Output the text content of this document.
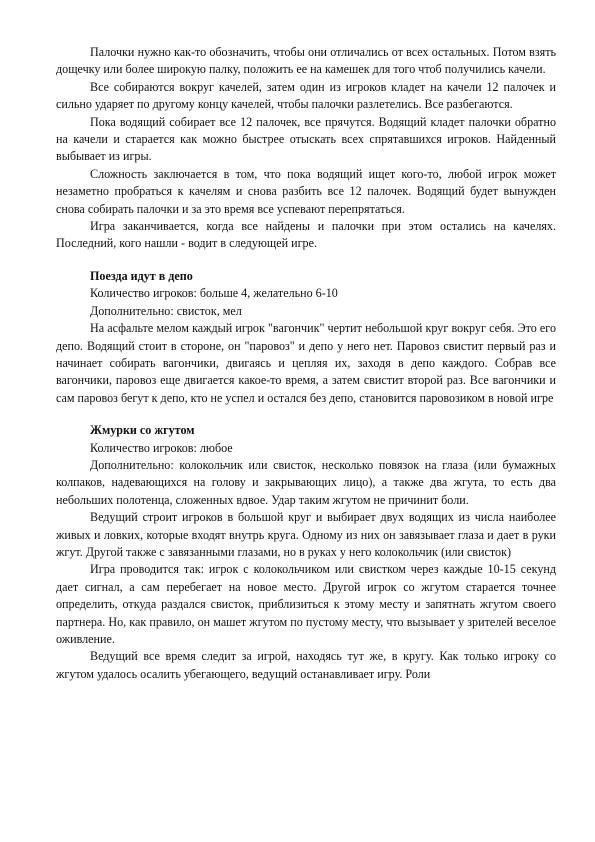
Палочки нужно как-то обозначить, чтобы они отличались от всех остальных. Потом взять дощечку или более широкую палку, положить ее на камешек для того чтоб получились качели.

Все собираются вокруг качелей, затем один из игроков кладет на качели 12 палочек и сильно ударяет по другому концу качелей, чтобы палочки разлетелись. Все разбегаются.

Пока водящий собирает все 12 палочек, все прячутся. Водящий кладет палочки обратно на качели и старается как можно быстрее отыскать всех спрятавшихся игроков. Найденный выбывает из игры.

Сложность заключается в том, что пока водящий ищет кого-то, любой игрок может незаметно пробраться к качелям и снова разбить все 12 палочек. Водящий будет вынужден снова собирать палочки и за это время все успевают перепрятаться.

Игра заканчивается, когда все найдены и палочки при этом остались на качелях. Последний, кого нашли - водит в следующей игре.

Поезда идут в депо

Количество игроков: больше 4, желательно 6-10

Дополнительно: свисток, мел

На асфальте мелом каждый игрок "вагончик" чертит небольшой круг вокруг себя. Это его депо. Водящий стоит в стороне, он "паровоз" и депо у него нет. Паровоз свистит первый раз и начинает собирать вагончики, двигаясь и цепляя их, заходя в депо каждого. Собрав все вагончики, паровоз еще двигается какое-то время, а затем свистит второй раз. Все вагончики и сам паровоз бегут к депо, кто не успел и остался без депо, становится паровозиком в новой игре

Жмурки со жгутом

Количество игроков: любое

Дополнительно: колокольчик или свисток, несколько повязок на глаза (или бумажных колпаков, надевающихся на голову и закрывающих лицо), а также два жгута, то есть два небольших полотенца, сложенных вдвое. Удар таким жгутом не причинит боли.

Ведущий строит игроков в большой круг и выбирает двух водящих из числа наиболее живых и ловких, которые входят внутрь круга. Одному из них он завязывает глаза и дает в руки жгут. Другой также с завязанными глазами, но в руках у него колокольчик (или свисток)

Игра проводится так: игрок с колокольчиком или свистком через каждые 10-15 секунд дает сигнал, а сам перебегает на новое место. Другой игрок со жгутом старается точнее определить, откуда раздался свисток, приблизиться к этому месту и запятнать жгутом своего партнера. Но, как правило, он машет жгутом по пустому месту, что вызывает у зрителей веселое оживление.

Ведущий все время следит за игрой, находясь тут же, в кругу. Как только игроку со жгутом удалось осалить убегающего, ведущий останавливает игру. Роли
